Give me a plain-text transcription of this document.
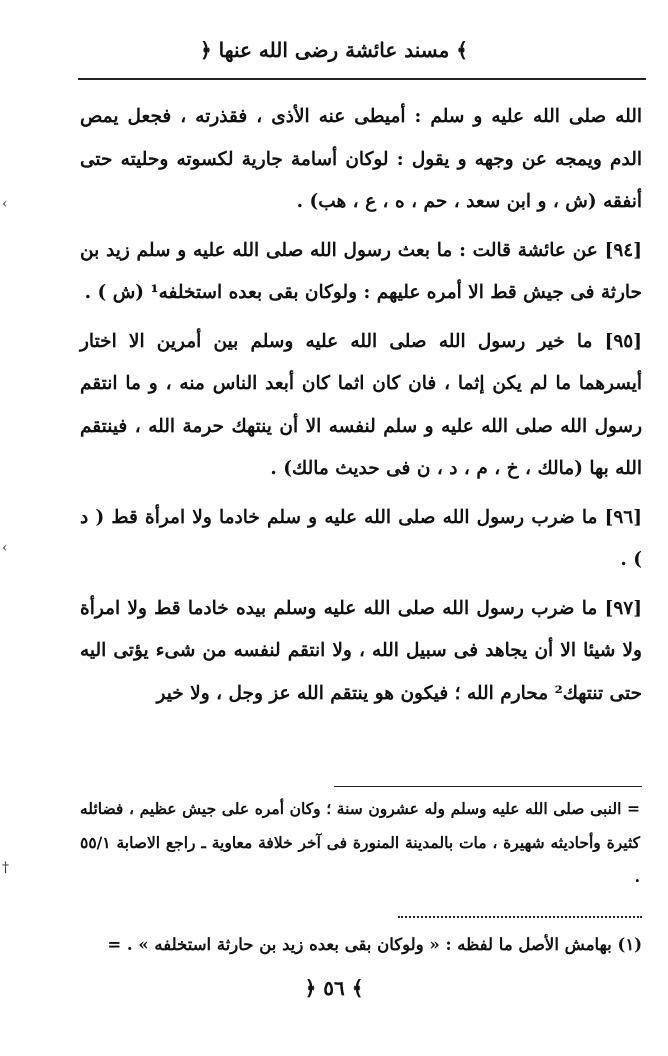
﴿ مسند عائشة رضى الله عنها ﴾

الله صلى الله عليه و سلم : أميطى عنه الأذى ، فقذرته ، فجعل يمص الدم ويمجه عن وجهه و يقول : لوكان أسامة جارية لكسوته وحليته حتى أنفقه (ش ، و ابن سعد ، حم ، ه ، ع ، هب) .

[٩٤] عن عائشة قالت : ما بعث رسول الله صلى الله عليه و سلم زيد بن حارثة فى جيش قط الا أمره عليهم : ولوكان بقى بعده استخلفه¹ (ش ) .

[٩٥] ما خير رسول الله صلى الله عليه وسلم بين أمرين الا اختار أيسرهما ما لم يكن إثما ، فان كان اثما كان أبعد الناس منه ، و ما انتقم رسول الله صلى الله عليه و سلم لنفسه الا أن ينتهك حرمة الله ، فينتقم الله بها (مالك ، خ ، م ، د ، ن فى حديث مالك) .

[٩٦] ما ضرب رسول الله صلى الله عليه و سلم خادما ولا امرأة قط ( د ) .

[٩٧] ما ضرب رسول الله صلى الله عليه وسلم بيده خادما قط ولا امرأة ولا شيئا الا أن يجاهد فى سبيل الله ، ولا انتقم لنفسه من شىء يؤتى اليه حتى تنتهك² محارم الله ؛ فيكون هو ينتقم الله عز وجل ، ولا خير

= النبى صلى الله عليه وسلم وله عشرون سنة ؛ وكان أمره على جيش عظيم ، فضائله كثيرة وأحاديثه شهيرة ، مات بالمدينة المنورة فى آخر خلافة معاوية ـ راجع الاصابة ٥٥/١ .

(١) بهامش الأصل ما لفظه : « ولوكان بقى بعده زيد بن حارثة استخلفه » . =
﴿ ٥٦ ﴾
‹
‹
†
